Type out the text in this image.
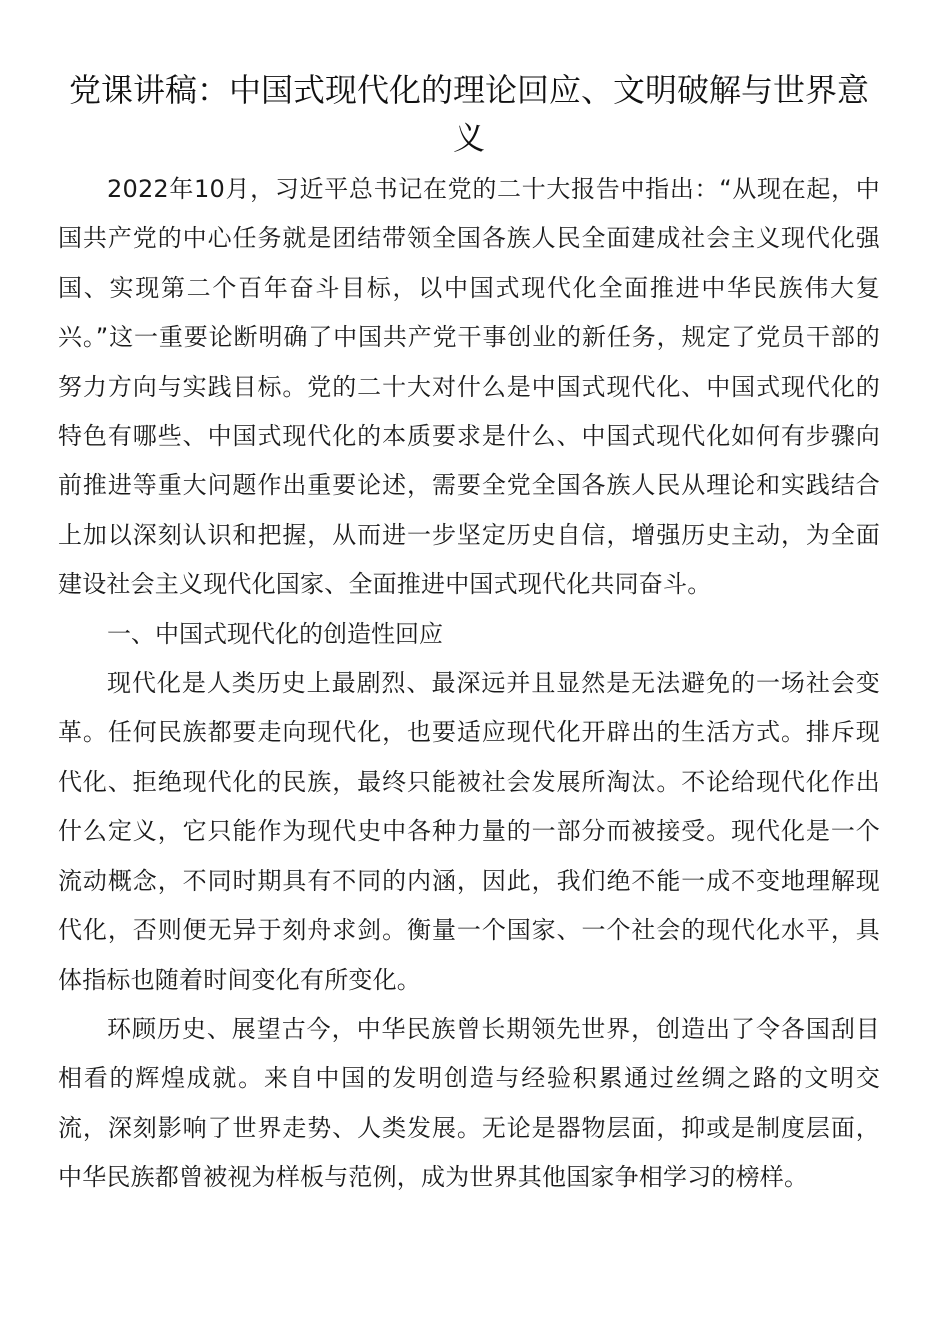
党课讲稿：中国式现代化的理论回应、文明破解与世界意义

2022年10月，习近平总书记在党的二十大报告中指出：“从现在起，中国共产党的中心任务就是团结带领全国各族人民全面建成社会主义现代化强国、实现第二个百年奋斗目标，以中国式现代化全面推进中华民族伟大复兴。”这一重要论断明确了中国共产党干事创业的新任务，规定了党员干部的努力方向与实践目标。党的二十大对什么是中国式现代化、中国式现代化的特色有哪些、中国式现代化的本质要求是什么、中国式现代化如何有步骤向前推进等重大问题作出重要论述，需要全党全国各族人民从理论和实践结合上加以深刻认识和把握，从而进一步坚定历史自信，增强历史主动，为全面建设社会主义现代化国家、全面推进中国式现代化共同奋斗。

一、中国式现代化的创造性回应

现代化是人类历史上最剧烈、最深远并且显然是无法避免的一场社会变革。任何民族都要走向现代化，也要适应现代化开辟出的生活方式。排斥现代化、拒绝现代化的民族，最终只能被社会发展所淘汰。不论给现代化作出什么定义，它只能作为现代史中各种力量的一部分而被接受。现代化是一个流动概念，不同时期具有不同的内涵，因此，我们绝不能一成不变地理解现代化，否则便无异于刻舟求剑。衡量一个国家、一个社会的现代化水平，具体指标也随着时间变化有所变化。

环顾历史、展望古今，中华民族曾长期领先世界，创造出了令各国刮目相看的辉煌成就。来自中国的发明创造与经验积累通过丝绸之路的文明交流，深刻影响了世界走势、人类发展。无论是器物层面，抑或是制度层面，中华民族都曾被视为样板与范例，成为世界其他国家争相学习的榜样。
